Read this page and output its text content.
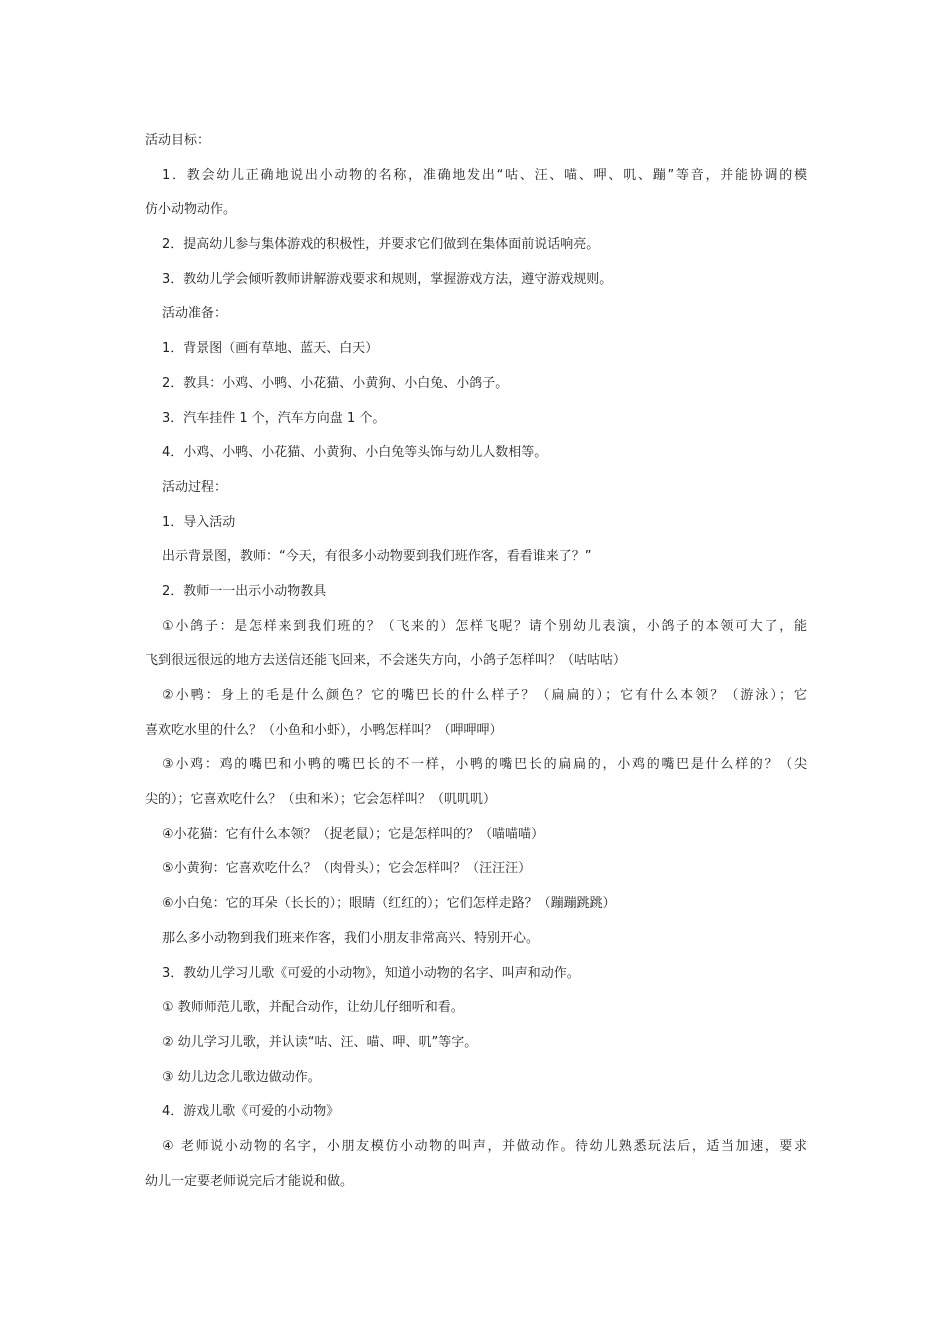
活动目标：
1．教会幼儿正确地说出小动物的名称，准确地发出“咕、汪、喵、呷、叽、蹦”等音，并能协调的模
仿小动物动作。
2．提高幼儿参与集体游戏的积极性，并要求它们做到在集体面前说话响亮。
3．教幼儿学会倾听教师讲解游戏要求和规则，掌握游戏方法，遵守游戏规则。
活动准备：
1．背景图（画有草地、蓝天、白天）
2．教具：小鸡、小鸭、小花猫、小黄狗、小白兔、小鸽子。
3．汽车挂件 1 个，汽车方向盘 1 个。
4．小鸡、小鸭、小花猫、小黄狗、小白兔等头饰与幼儿人数相等。
活动过程：
1．导入活动
出示背景图，教师：“今天，有很多小动物要到我们班作客，看看谁来了？”
2．教师一一出示小动物教具
①小鸽子：是怎样来到我们班的？（飞来的）怎样飞呢？请个别幼儿表演，小鸽子的本领可大了，能
飞到很远很远的地方去送信还能飞回来，不会迷失方向，小鸽子怎样叫？（咕咕咕）
②小鸭：身上的毛是什么颜色？它的嘴巴长的什么样子？（扁扁的）；它有什么本领？（游泳）；它
喜欢吃水里的什么？（小鱼和小虾），小鸭怎样叫？（呷呷呷）
③小鸡：鸡的嘴巴和小鸭的嘴巴长的不一样，小鸭的嘴巴长的扁扁的，小鸡的嘴巴是什么样的？（尖
尖的）；它喜欢吃什么？（虫和米）；它会怎样叫？（叽叽叽）
④小花猫：它有什么本领？（捉老鼠）；它是怎样叫的？（喵喵喵）
⑤小黄狗：它喜欢吃什么？（肉骨头）；它会怎样叫？（汪汪汪）
⑥小白兔：它的耳朵（长长的）；眼睛（红红的）；它们怎样走路？（蹦蹦跳跳）
那么多小动物到我们班来作客，我们小朋友非常高兴、特别开心。
3．教幼儿学习儿歌《可爱的小动物》，知道小动物的名字、叫声和动作。
① 教师师范儿歌，并配合动作，让幼儿仔细听和看。
② 幼儿学习儿歌，并认读“咕、汪、喵、呷、叽”等字。
③ 幼儿边念儿歌边做动作。
4．游戏儿歌《可爱的小动物》
④ 老师说小动物的名字，小朋友模仿小动物的叫声，并做动作。待幼儿熟悉玩法后，适当加速，要求
幼儿一定要老师说完后才能说和做。
